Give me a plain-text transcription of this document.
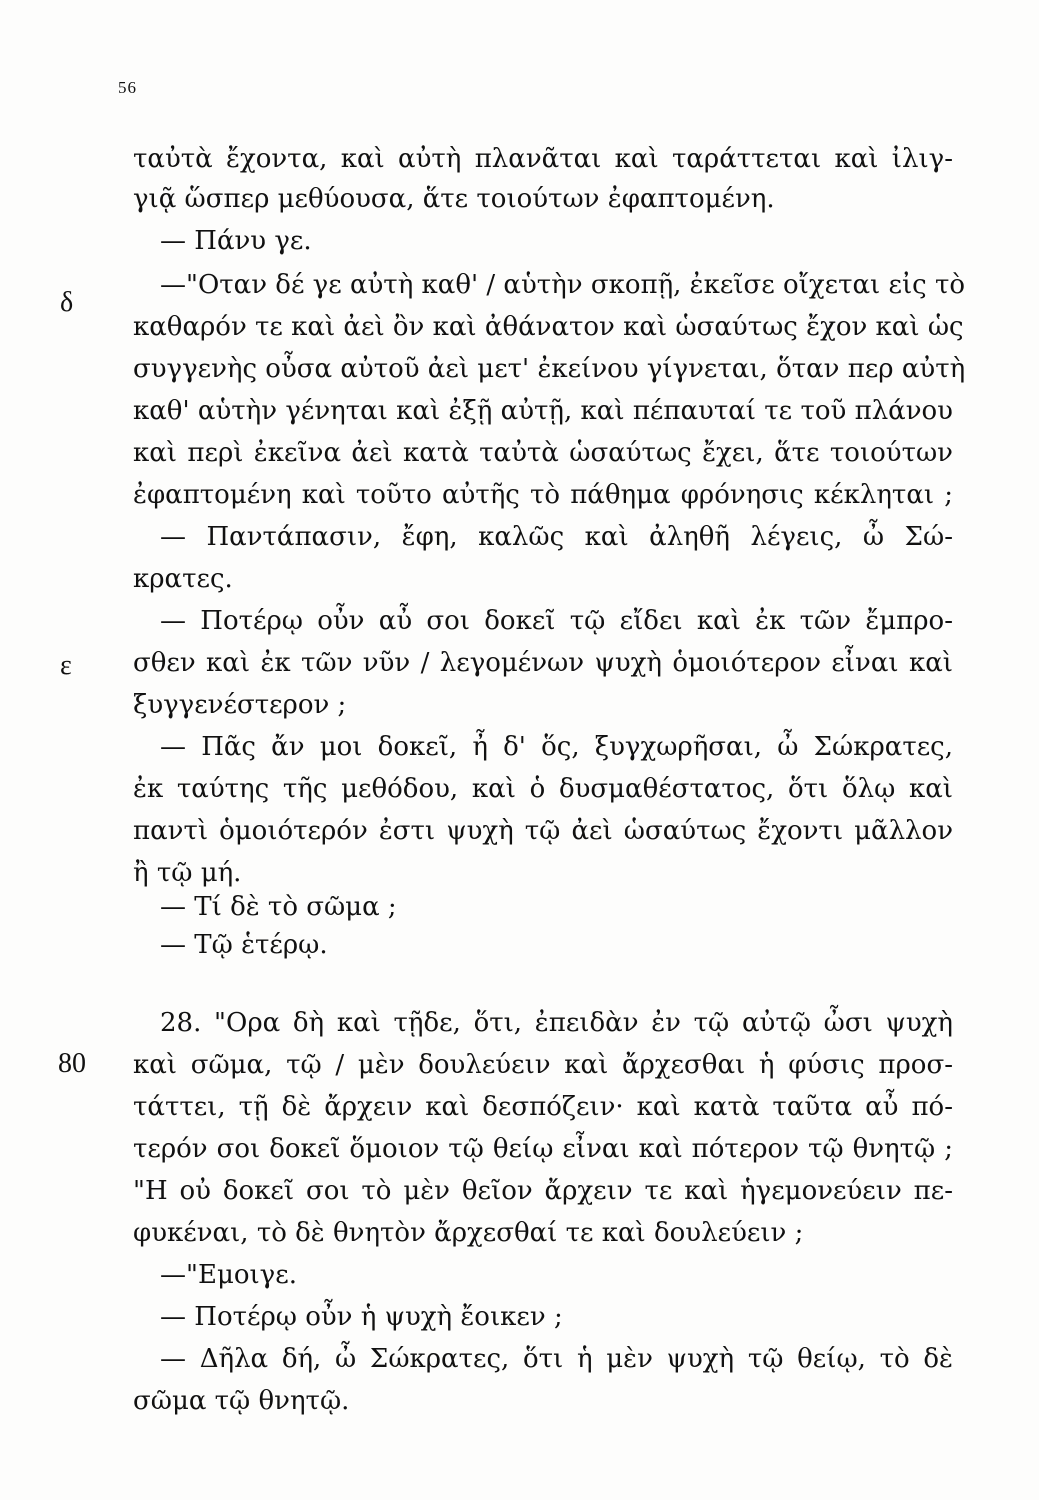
56
δ
ε
80
ταὐτὰ ἔχοντα, καὶ αὐτὴ πλανᾶται καὶ ταράττεται καὶ ἰλιγ-
γιᾷ ὥσπερ μεθύουσα, ἅτε τοιούτων ἐφαπτομένη.
— Πάνυ γε.
—"Οταν δέ γε αὐτὴ καθ' / αὑτὴν σκοπῇ, ἐκεῖσε οἴχεται εἰς τὸ
καθαρόν τε καὶ ἀεὶ ὂν καὶ ἀθάνατον καὶ ὡσαύτως ἔχον καὶ ὡς
συγγενὴς οὖσα αὐτοῦ ἀεὶ μετ' ἐκείνου γίγνεται, ὅταν περ αὐτὴ
καθ' αὑτὴν γένηται καὶ ἐξῇ αὐτῇ, καὶ πέπαυταί τε τοῦ πλάνου
καὶ περὶ ἐκεῖνα ἀεὶ κατὰ ταὐτὰ ὡσαύτως ἔχει, ἅτε τοιούτων
ἐφαπτομένη καὶ τοῦτο αὐτῆς τὸ πάθημα φρόνησις κέκληται ;
— Παντάπασιν, ἔφη, καλῶς καὶ ἀληθῆ λέγεις, ὦ Σώ-
κρατες.
— Ποτέρῳ οὖν αὖ σοι δοκεῖ τῷ εἴδει καὶ ἐκ τῶν ἔμπρο-
σθεν καὶ ἐκ τῶν νῦν / λεγομένων ψυχὴ ὁμοιότερον εἶναι καὶ
ξυγγενέστερον ;
— Πᾶς ἄν μοι δοκεῖ, ἦ δ' ὅς, ξυγχωρῆσαι, ὦ Σώκρατες,
ἐκ ταύτης τῆς μεθόδου, καὶ ὁ δυσμαθέστατος, ὅτι ὅλῳ καὶ
παντὶ ὁμοιότερόν ἐστι ψυχὴ τῷ ἀεὶ ὡσαύτως ἔχοντι μᾶλλον
ἢ τῷ μή.
— Τί δὲ τὸ σῶμα ;
— Τῷ ἑτέρῳ.
28. "Ορα δὴ καὶ τῇδε, ὅτι, ἐπειδὰν ἐν τῷ αὐτῷ ὦσι ψυχὴ
καὶ σῶμα, τῷ / μὲν δουλεύειν καὶ ἄρχεσθαι ἡ φύσις προσ-
τάττει, τῇ δὲ ἄρχειν καὶ δεσπόζειν· καὶ κατὰ ταῦτα αὖ πό-
τερόν σοι δοκεῖ ὅμοιον τῷ θείῳ εἶναι καὶ πότερον τῷ θνητῷ ;
"Η οὐ δοκεῖ σοι τὸ μὲν θεῖον ἄρχειν τε καὶ ἡγεμονεύειν πε-
φυκέναι, τὸ δὲ θνητὸν ἄρχεσθαί τε καὶ δουλεύειν ;
—"Εμοιγε.
— Ποτέρῳ οὖν ἡ ψυχὴ ἔοικεν ;
— Δῆλα δή, ὦ Σώκρατες, ὅτι ἡ μὲν ψυχὴ τῷ θείῳ, τὸ δὲ
σῶμα τῷ θνητῷ.
